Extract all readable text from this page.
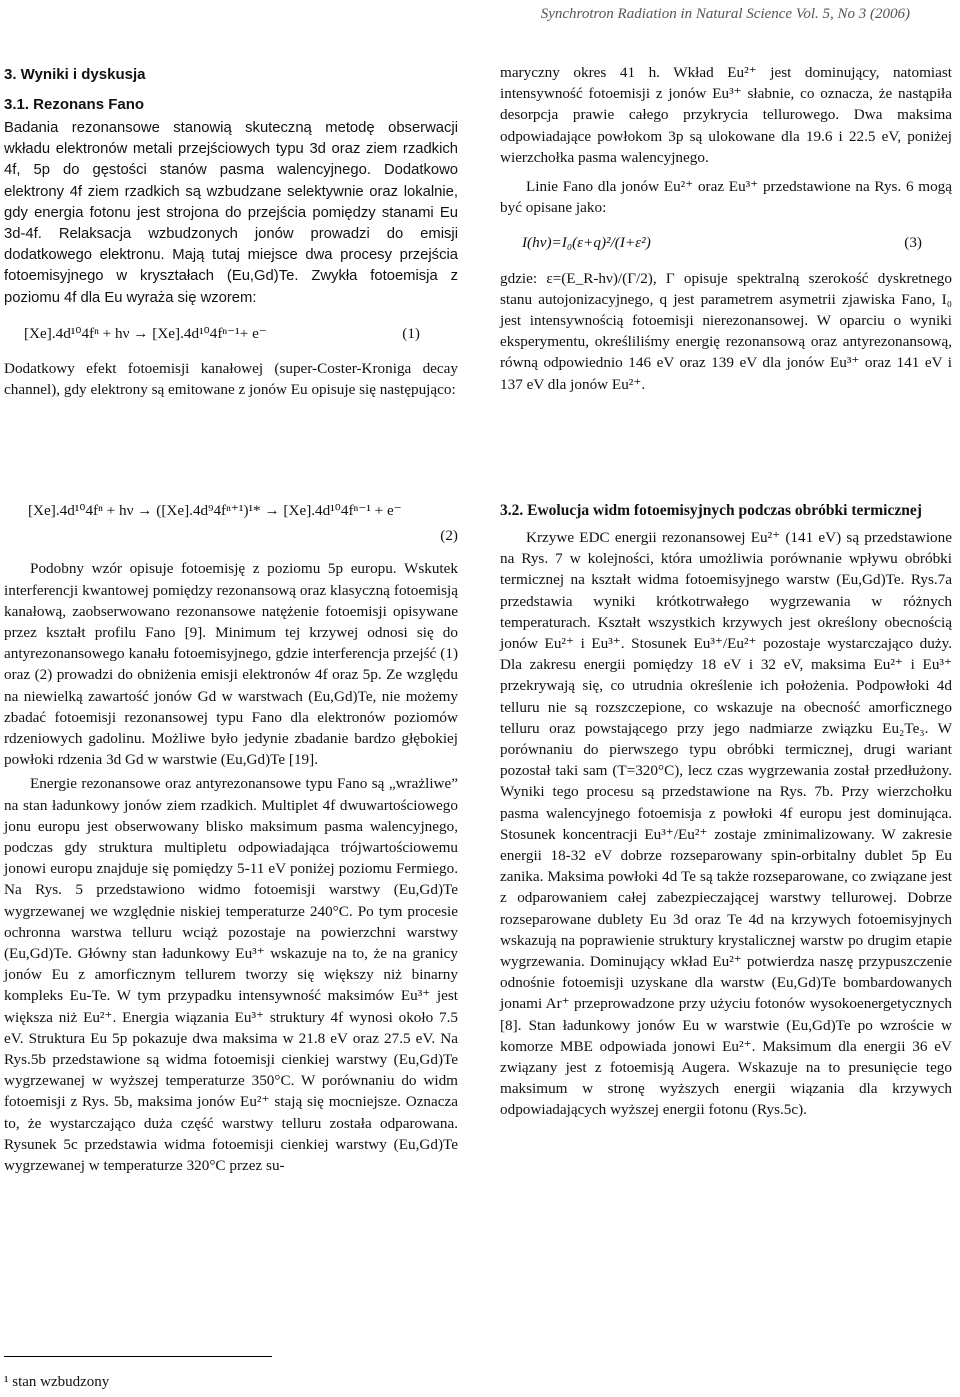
Synchrotron Radiation in Natural Science Vol. 5, No 3 (2006)

3. Wyniki i dyskusja

3.1. Rezonans Fano

Badania rezonansowe stanowią skuteczną metodę obserwacji wkładu elektronów metali przejściowych typu 3d oraz ziem rzadkich 4f, 5p do gęstości stanów pasma walencyjnego. Dodatkowo elektrony 4f ziem rzadkich są wzbudzane selektywnie oraz lokalnie, gdy energia fotonu jest strojona do przejścia pomiędzy stanami Eu 3d-4f. Relaksacja wzbudzonych jonów prowadzi do emisji dodatkowego elektronu. Mają tutaj miejsce dwa procesy przejścia fotoemisyjnego w kryształach (Eu,Gd)Te. Zwykła fotoemisja z poziomu 4f dla Eu wyraża się wzorem:

[Xe].4d¹⁰4fⁿ + hν → [Xe].4d¹⁰4fⁿ⁻¹+ e⁻	(1)

Dodatkowy efekt fotoemisji kanałowej (super-Coster-Kroniga decay channel), gdy elektrony są emitowane z jonów Eu opisuje się następująco:

maryczny okres 41 h. Wkład Eu²⁺ jest dominujący, natomiast intensywność fotoemisji z jonów Eu³⁺ słabnie, co oznacza, że nastąpiła desorpcja prawie całego przykrycia tellurowego. Dwa maksima odpowiadające powłokom 3p są ulokowane dla 19.6 i 22.5 eV, poniżej wierzchołka pasma walencyjnego.

Linie Fano dla jonów Eu²⁺ oraz Eu³⁺ przedstawione na Rys. 6 mogą być opisane jako:

I(hν)=I₀(ε+q)²/(I+ε²)	(3)

gdzie: ε=(E_R-hν)/(Γ/2), Γ opisuje spektralną szerokość dyskretnego stanu autojonizacyjnego, q jest parametrem asymetrii zjawiska Fano, I₀ jest intensywnością fotoemisji nierezonansowej. W oparciu o wyniki eksperymentu, określiliśmy energię rezonansową oraz antyrezonansową, równą odpowiednio 146 eV oraz 139 eV dla jonów Eu³⁺ oraz 141 eV i 137 eV dla jonów Eu²⁺.

[Xe].4d¹⁰4fⁿ + hν → ([Xe].4d⁹4fⁿ⁺¹)¹* → [Xe].4d¹⁰4fⁿ⁻¹ + e⁻
(2)

Podobny wzór opisuje fotoemisję z poziomu 5p europu. Wskutek interferencji kwantowej pomiędzy rezonansową oraz klasyczną fotoemisją kanałową, zaobserwowano rezonansowe natężenie fotoemisji opisywane przez kształt profilu Fano [9]. Minimum tej krzywej odnosi się do antyrezonansowego kanału fotoemisyjnego, gdzie interferencja przejść (1) oraz (2) prowadzi do obniżenia emisji elektronów 4f oraz 5p. Ze względu na niewielką zawartość jonów Gd w warstwach (Eu,Gd)Te, nie możemy zbadać fotoemisji rezonansowej typu Fano dla elektronów poziomów rdzeniowych gadolinu. Możliwe było jedynie zbadanie bardzo głębokiej powłoki rdzenia 3d Gd w warstwie (Eu,Gd)Te [19].

Energie rezonansowe oraz antyrezonansowe typu Fano są „wrażliwe” na stan ładunkowy jonów ziem rzadkich. Multiplet 4f dwuwartościowego jonu europu jest obserwowany blisko maksimum pasma walencyjnego, podczas gdy struktura multipletu odpowiadająca trójwartościowemu jonowi europu znajduje się pomiędzy 5-11 eV poniżej poziomu Fermiego. Na Rys. 5 przedstawiono widmo fotoemisji warstwy (Eu,Gd)Te wygrzewanej we względnie niskiej temperaturze 240°C. Po tym procesie ochronna warstwa telluru wciąż pozostaje na powierzchni warstwy (Eu,Gd)Te. Główny stan ładunkowy Eu³⁺ wskazuje na to, że na granicy jonów Eu z amorficznym tellurem tworzy się większy niż binarny kompleks Eu-Te. W tym przypadku intensywność maksimów Eu³⁺ jest większa niż Eu²⁺. Energia wiązania Eu³⁺ struktury 4f wynosi około 7.5 eV. Struktura Eu 5p pokazuje dwa maksima w 21.8 eV oraz 27.5 eV. Na Rys.5b przedstawione są widma fotoemisji cienkiej warstwy (Eu,Gd)Te wygrzewanej w wyższej temperaturze 350°C. W porównaniu do widm fotoemisji z Rys. 5b, maksima jonów Eu²⁺ stają się mocniejsze. Oznacza to, że wystarczająco duża część warstwy telluru została odparowana. Rysunek 5c przedstawia widma fotoemisji cienkiej warstwy (Eu,Gd)Te wygrzewanej w temperaturze 320°C przez su-

3.2. Ewolucja widm fotoemisyjnych podczas obróbki termicznej

Krzywe EDC energii rezonansowej Eu²⁺ (141 eV) są przedstawione na Rys. 7 w kolejności, która umożliwia porównanie wpływu obróbki termicznej na kształt widma fotoemisyjnego warstw (Eu,Gd)Te. Rys.7a przedstawia wyniki krótkotrwałego wygrzewania w różnych temperaturach. Kształt wszystkich krzywych jest określony obecnością jonów Eu²⁺ i Eu³⁺. Stosunek Eu³⁺/Eu²⁺ pozostaje wystarczająco duży. Dla zakresu energii pomiędzy 18 eV i 32 eV, maksima Eu²⁺ i Eu³⁺ przekrywają się, co utrudnia określenie ich położenia. Podpowłoki 4d telluru nie są rozszczepione, co wskazuje na obecność amorficznego telluru oraz powstającego przy jego nadmiarze związku Eu₂Te₃. W porównaniu do pierwszego typu obróbki termicznej, drugi wariant pozostał taki sam (T=320°C), lecz czas wygrzewania został przedłużony. Wyniki tego procesu są przedstawione na Rys. 7b. Przy wierzchołku pasma walencyjnego fotoemisja z powłoki 4f europu jest dominująca. Stosunek koncentracji Eu³⁺/Eu²⁺ zostaje zminimalizowany. W zakresie energii 18-32 eV dobrze rozseparowany spin-orbitalny dublet 5p Eu zanika. Maksima powłoki 4d Te są także rozseparowane, co związane jest z odparowaniem całej zabezpieczającej warstwy tellurowej. Dobrze rozseparowane dublety Eu 3d oraz Te 4d na krzywych fotoemisyjnych wskazują na poprawienie struktury krystalicznej warstw po drugim etapie wygrzewania. Dominujący wkład Eu²⁺ potwierdza naszę przypuszczenie odnośnie fotoemisji uzyskane dla warstw (Eu,Gd)Te bombardowanych jonami Ar⁺ przeprowadzone przy użyciu fotonów wysokoenergetycznych [8]. Stan ładunkowy jonów Eu w warstwie (Eu,Gd)Te po wzroście w komorze MBE odpowiada jonowi Eu²⁺. Maksimum dla energii 36 eV związany jest z fotoemisją Augera. Wskazuje na to presunięcie tego maksimum w stronę wyższych energii wiązania dla krzywych odpowiadających wyższej energii fotonu (Rys.5c).

¹ stan wzbudzony
